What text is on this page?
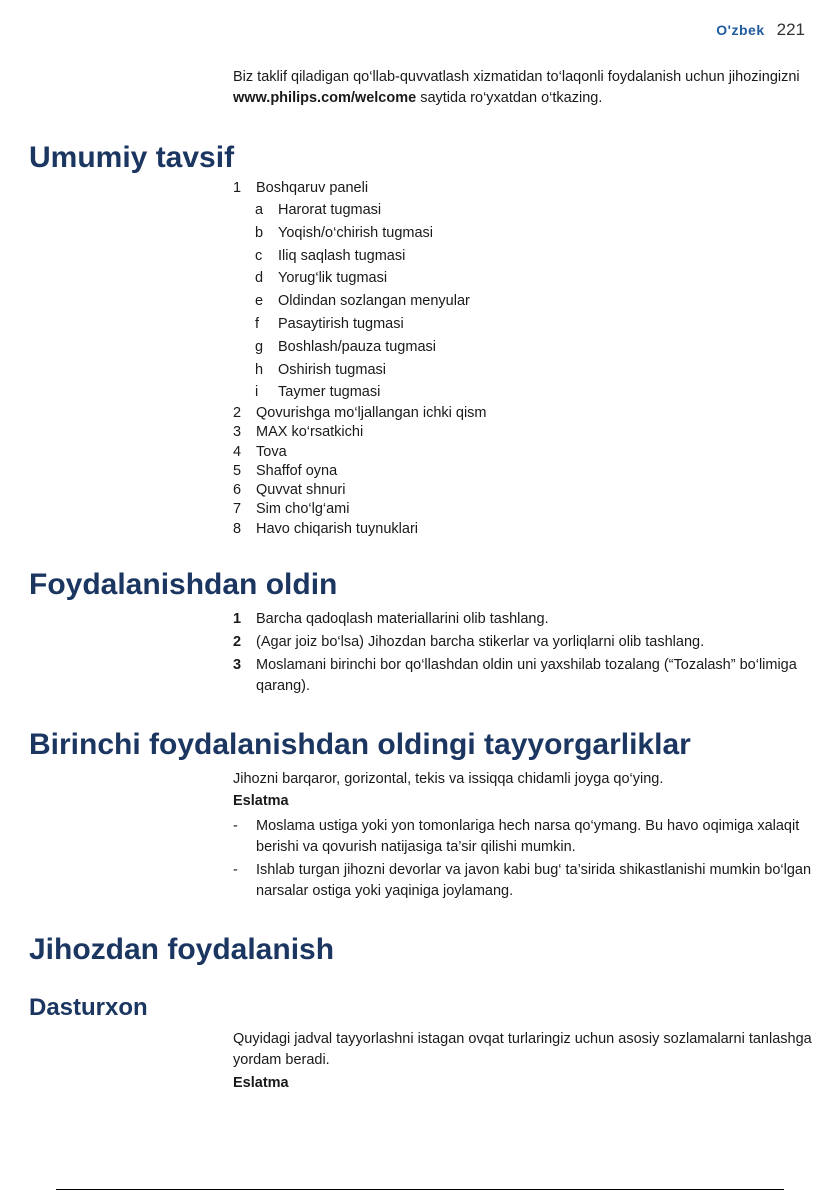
O'zbek 221

Biz taklif qiladigan qo‘llab-quvvatlash xizmatidan to‘laqonli foydalanish uchun jihozingizni www.philips.com/welcome saytida ro‘yxatdan o‘tkazing.

Umumiy tavsif
1	Boshqaruv paneli
a	Harorat tugmasi
b	Yoqish/o‘chirish tugmasi
c	Iliq saqlash tugmasi
d	Yorug‘lik tugmasi
e	Oldindan sozlangan menyular
f	Pasaytirish tugmasi
g	Boshlash/pauza tugmasi
h	Oshirish tugmasi
i	Taymer tugmasi
2	Qovurishga mo‘ljallangan ichki qism
3	MAX ko‘rsatkichi
4	Tova
5	Shaffof oyna
6	Quvvat shnuri
7	Sim cho‘lg‘ami
8	Havo chiqarish tuynuklari
Foydalanishdan oldin
1	Barcha qadoqlash materiallarini olib tashlang.
2	(Agar joiz bo‘lsa) Jihozdan barcha stikerlar va yorliqlarni olib tashlang.
3	Moslamani birinchi bor qo‘llashdan oldin uni yaxshilab tozalang (“Tozalash” bo‘limiga qarang).
Birinchi foydalanishdan oldingi tayyorgarliklar

Jihozni barqaror, gorizontal, tekis va issiqqa chidamli joyga qo‘ying.

Eslatma

-	Moslama ustiga yoki yon tomonlariga hech narsa qo‘ymang. Bu havo oqimiga xalaqit berishi va qovurish natijasiga ta’sir qilishi mumkin.
-	Ishlab turgan jihozni devorlar va javon kabi bug‘ ta’sirida shikastlanishi mumkin bo‘lgan narsalar ostiga yoki yaqiniga joylamang.
Jihozdan foydalanish
Dasturxon

Quyidagi jadval tayyorlashni istagan ovqat turlaringiz uchun asosiy sozlamalarni tanlashga yordam beradi.

Eslatma
